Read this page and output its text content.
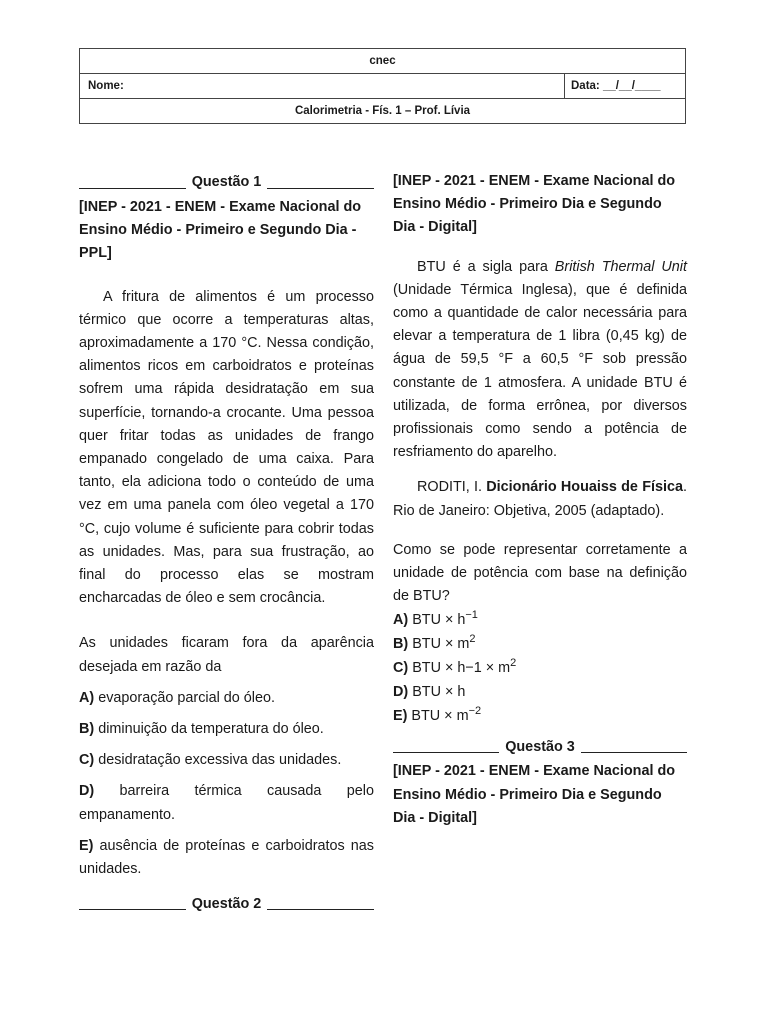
cnec
Nome:	Data: __/__/____
Calorimetria - Fís. 1 – Prof. Lívia
Questão 1

[INEP - 2021 - ENEM - Exame Nacional do Ensino Médio - Primeiro e Segundo Dia - PPL]

A fritura de alimentos é um processo térmico que ocorre a temperaturas altas, aproximadamente a 170 °C. Nessa condição, alimentos ricos em carboidratos e proteínas sofrem uma rápida desidratação em sua superfície, tornando-a crocante. Uma pessoa quer fritar todas as unidades de frango empanado congelado de uma caixa. Para tanto, ela adiciona todo o conteúdo de uma vez em uma panela com óleo vegetal a 170 °C, cujo volume é suficiente para cobrir todas as unidades. Mas, para sua frustração, ao final do processo elas se mostram encharcadas de óleo e sem crocância.

As unidades ficaram fora da aparência desejada em razão da

A) evaporação parcial do óleo.

B) diminuição da temperatura do óleo.

C) desidratação excessiva das unidades.

D) barreira térmica causada pelo empanamento.

E) ausência de proteínas e carboidratos nas unidades.

Questão 2

[INEP - 2021 - ENEM - Exame Nacional do Ensino Médio - Primeiro Dia e Segundo Dia - Digital]

BTU é a sigla para British Thermal Unit (Unidade Térmica Inglesa), que é definida como a quantidade de calor necessária para elevar a temperatura de 1 libra (0,45 kg) de água de 59,5 °F a 60,5 °F sob pressão constante de 1 atmosfera. A unidade BTU é utilizada, de forma errônea, por diversos profissionais como sendo a potência de resfriamento do aparelho.

RODITI, I. Dicionário Houaiss de Física. Rio de Janeiro: Objetiva, 2005 (adaptado).

Como se pode representar corretamente a unidade de potência com base na definição de BTU?

A) BTU × $h^{-1}$

B) BTU × $m^2$

C) BTU × $h-1 \times m^2$

D) BTU × h

E) BTU × $m^{-2}$

Questão 3

[INEP - 2021 - ENEM - Exame Nacional do Ensino Médio - Primeiro Dia e Segundo Dia - Digital]
